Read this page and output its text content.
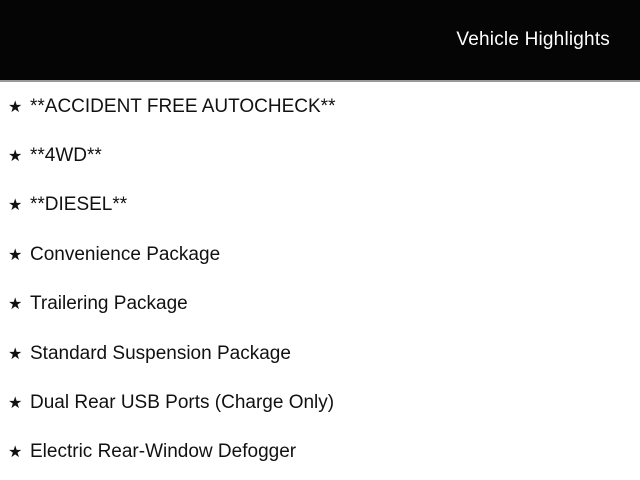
Vehicle Highlights
★ **ACCIDENT FREE AUTOCHECK**
★ **4WD**
★ **DIESEL**
★ Convenience Package
★ Trailering Package
★ Standard Suspension Package
★ Dual Rear USB Ports (Charge Only)
★ Electric Rear-Window Defogger
